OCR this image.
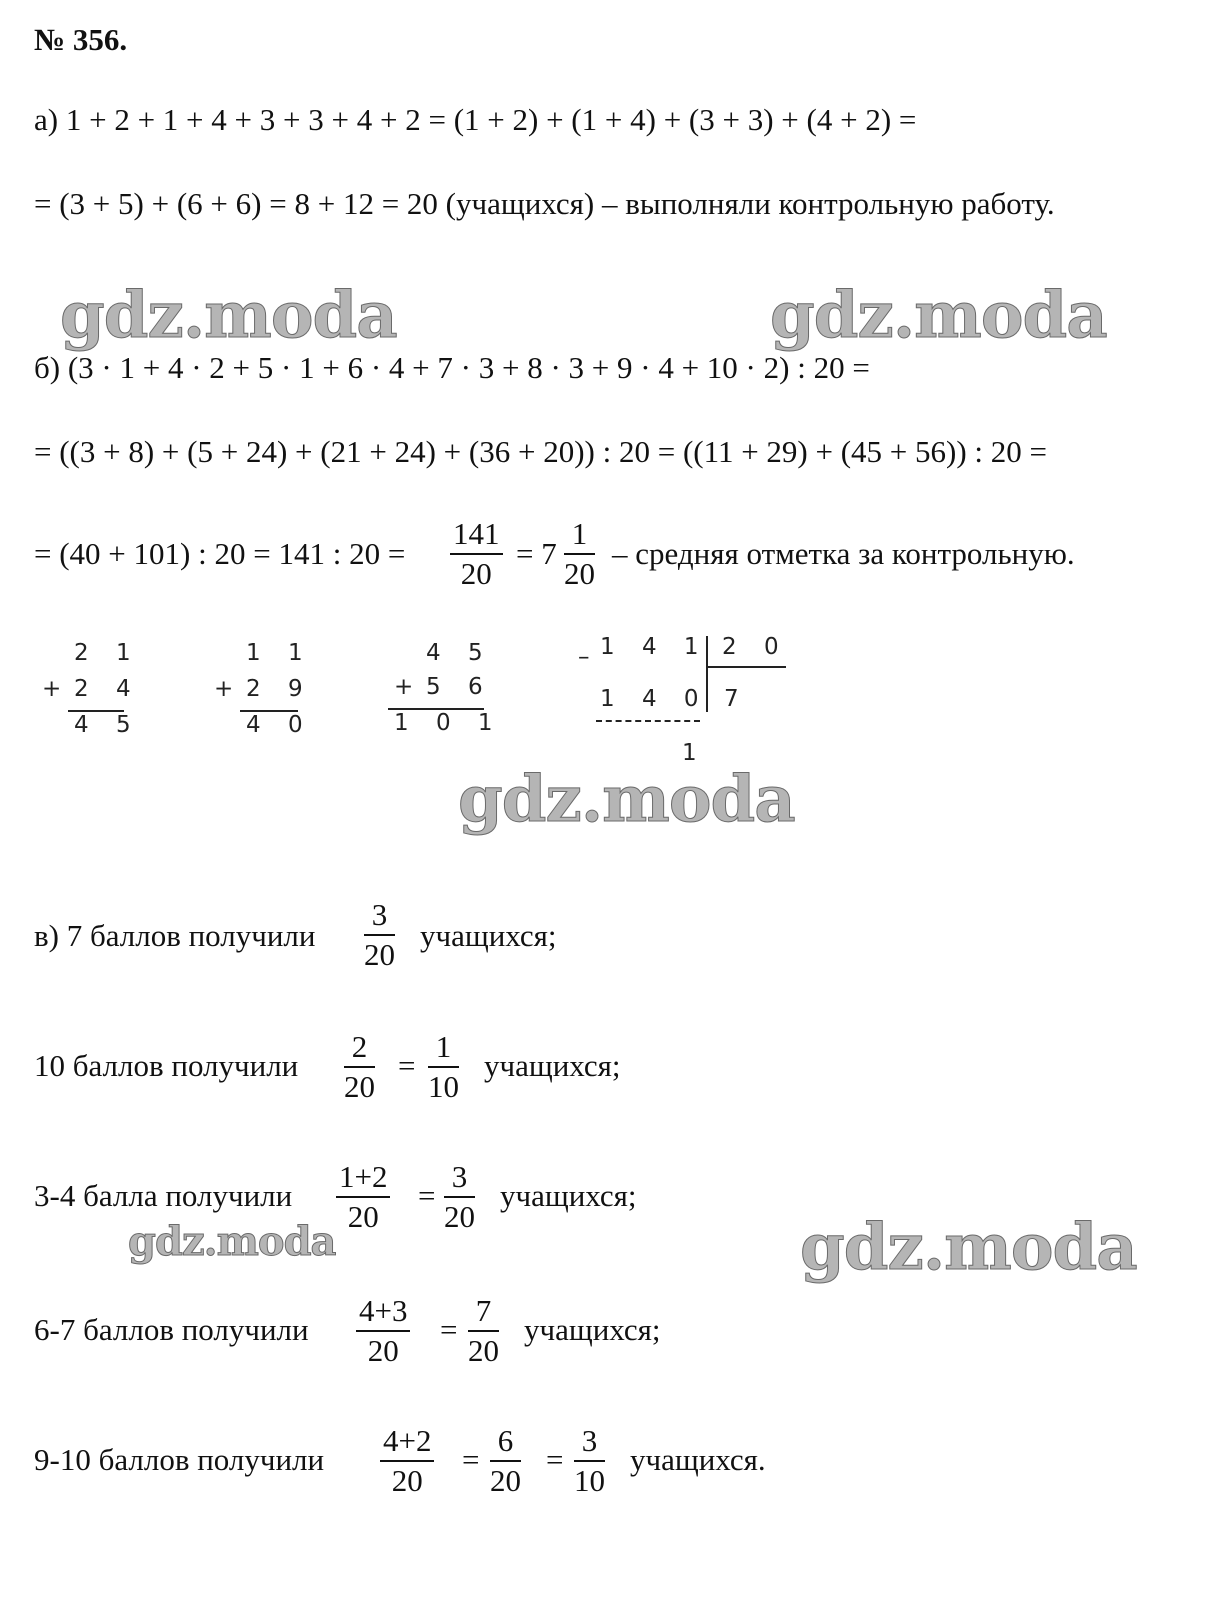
gdz.moda	gdz.moda
gdz.moda
gdz.moda	gdz.moda
№ 356.
а) 1 + 2 + 1 + 4 + 3 + 3 + 4 + 2 = (1 + 2) + (1 + 4) + (3 + 3) + (4 + 2) =
= (3 + 5) + (6 + 6) = 8 + 12 = 20 (учащихся) – выполняли контрольную работу.
б) (3 · 1 + 4 · 2 + 5 · 1 + 6 · 4 + 7 · 3 + 8 · 3 + 9 · 4 + 10 · 2) : 20 =
= ((3 + 8) + (5 + 24) + (21 + 24) + (36 + 20)) : 20 = ((11 + 29) + (45 + 56)) : 20 =
= (40 + 101) : 20 = 141 : $20 = \frac{141}{20} = 7 \frac{1}{20}$ – средняя отметка за контрольную.
2 1
+ 2 4
4 5
1 1
+ 2 9
4 0
4 5
+ 5 6
1 0 1
– 1 4 1 2 0
1 4 0 7
1
в) 7 баллов получили $\frac{3}{20}$ учащихся;
10 баллов получили $\frac{2}{20} = \frac{1}{10}$ учащихся;
3-4 балла получили $\frac{1+2}{20} = \frac{3}{20}$ учащихся;
6-7 баллов получили $\frac{4+3}{20} = \frac{7}{20}$ учащихся;
9-10 баллов получили $\frac{4+2}{20} = \frac{6}{20} = \frac{3}{10}$ учащихся.
